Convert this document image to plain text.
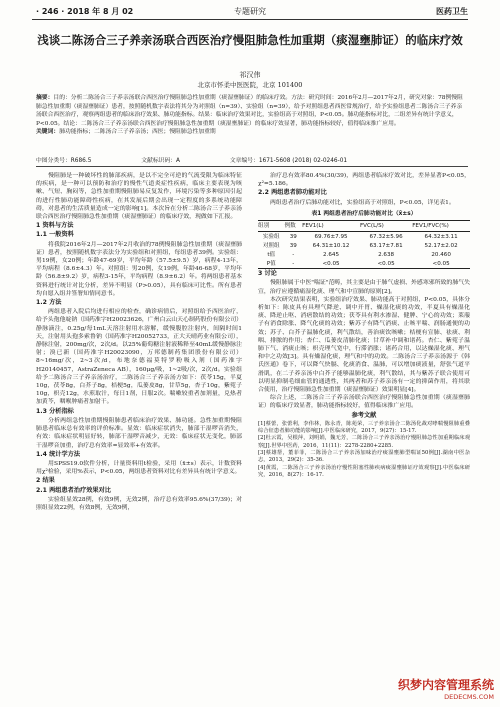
· 246 · 2018 年 8 月 02	专题研究	医药卫生
浅谈二陈汤合三子养亲汤联合西医治疗慢阻肺急性加重期（痰湿壅肺证）的临床疗效
祁汉伟
北京市怀柔中医医院，北京 101400
摘要：目的：分析二陈汤合三子养亲汤联合西医治疗慢阻肺急性加重期（痰湿壅肺证）的临床疗效。方法：研究时间：2016年2月—2017年2月，研究对象：78例慢阻肺急性加重期（痰湿壅肺证）患者，按照随机数字表法将其分为对照组（n=39）、实验组（n=39），给予对照组患者西医常规治疗，给予实验组患者二陈汤合三子养亲汤联合西医治疗，观察两组患者的临床治疗效果、肺功能指标。结果：临床治疗效果对比，实验组高于对照组，P<0.05。肺功能指标对比，二组差异有统计学意义，P<0.05。结论：二陈汤合三子养亲汤联合西医治疗慢阻肺急性加重期（痰湿壅肺证）的临床疗效显著，肺功能指标较好，值得临床推广应用。
关键词：肺功能指标；二陈汤合三子养亲汤；西医；慢阻肺急性加重期
中图分类号：R686.5	文献标识码：A	文章编号：1671-5608 (2018) 02-0246-01

慢阻肺是一种破坏性的肺部疾病，是以不完全可逆的气流受限为临床特征的疾病，是一种可以预防和治疗的慢性气道炎症性疾病，临床主要表现为咳嗽、气短、胸闷等，急性加重期慢阻肺易反复发作，环境污染等多种原因引起的进行性肺功能障碍性疾病，在其发展后期会出现一定程度的多系统功能障碍，对患者的生活质量造成一定的影响[1]。本次旨在分析二陈汤合三子养亲汤联合西医治疗慢阻肺急性加重期（痰湿壅肺证）的临床疗效，现做如下汇报。

1 资料与方法
1.1 一般资料

将我院2016年2月—2017年2月收治的78例慢阻肺急性加重期（痰湿壅肺证）患者，按照随机数字表法分为实验组和对照组，每组患者39例。实验组：男19例，女20例；年龄47-69岁，平均年龄（57.5±9.5）岁，病程4-13年，平均病程（8.6±4.3）年。对照组：男20例，女19例，年龄46-68岁，平均年龄（56.8±9.2）岁，病程3-15年，平均病程（8.9±6.2）年。将两组患者基本资料进行统计对比分析，差异不明显（P>0.05），具有临床可比性。所有患者均自愿入组并签署知情同意书。

1.2 方法

两组患者入院后均进行相应的检查，确诊病情后，对照组给予西医治疗，给予头孢他啶钠（国药准字H20023626，广州白云山天心制药股份有限公司）静脉滴注，0.25g/每1mL天溶注射用水溶解，缓慢腹腔注射内，间隔时间1天，注射用头孢多索鲁钠（国药准字H20052733，正大天晴药业有限公司），静脉注射，200mg/次，2次/d。以25%葡萄糖注射液稀释至40mL缓慢静脉注射；溴已新（国药准字H20023090，万邦德制药集团股份有限公司）8~16mg/次，2~3次/d，布地奈德福莫特罗粉吸入剂（国药准字H20140457，AstraZeneca AB），160μg/吸，1~2吸/次，2次/d。实验组给予二陈汤合三子养亲汤治疗，二陈汤合三子养亲汤方如下：茯苓15g，半夏10g，茯苓8g，白芥子8g，桔梗5g，瓜蒌皮8g，甘草5g，杏子10g，紫菀子10g，枳壳12g，水煎取汁，每日1剂，日服2次。喘嗽较重者加剂量，兑热者加黄芩，咽喉肿痛者加射干。

1.3 分析指标

分析两组急性加重期慢阻肺患者临床治疗效果、肺功能。急性加重期慢阻肺患者临床总有效率的评价标准。显效：临床症状消失，肺部干湿啰音消失，有效：临床症状明显好转，肺部干湿啰音减少，无效：临床症状无变化，肺部干湿啰音加重，治疗总有效率=显效率+有效率。

1.4 统计学方法

用SPSS19.0软件分析，计量资料用t检验，采用（x̄±s）表示，计数资料用χ²检验，采用%表示，P<0.05，两组患者资料对比有差异具有统计学意义。

2 结果
2.1 两组患者治疗效果对比

实验组显效28例，有效9例，无效2例，治疗总有效率95.6%(37/39)；对照组显效22例，有效8例，无效9例，

治疗总有效率80.4%(30/39)，两组患者临床疗效对比，差异显著P<0.05，χ²=5.186。

2.2 两组患者肺功能对比

两组患者治疗后肺功能对比，实验组高于对照组，P<0.05，详见表1。

表1 两组患者治疗后肺功能对比（x̄±s）
组别	例数	FEV1(L)	FVC(L/S)	FEV1/FVC(%)
实验组	39	69.76±7.95	67.32±5.96	64.32±3.11
对照组	39	64.31±10.12	63.17±7.81	52.17±2.02
t值	-	2.645	2.638	20.460
P值	-	<0.05	<0.05	<0.05
3 讨论

慢阻肺属于中医"喘证"范畴，其主要是由于肺气虚损、外感寒邪所致的肺气失宣，治疗应遵循痛湿化痰、理气和中宣肺的原则[2]。

本次研究结果表明，实验组治疗效果、肺功能高于对照组，P<0.05，具体分析如下：陈皮具有具理气降逆、调中开胃、燥湿化痰的功效，半夏具有燥湿化痰、降逆止呕、消痞散结的功效；茯苓具有利水渗湿、健脾、宁心的功效；莱菔子有消食除胀、降气化痰的功效；紫苏子有降气消痰、止咳平喘、润肠通便的功效；苏子、白芥子温肺化痰，利气散结，善治痰饮咳嗽；桔梗有宣肺、祛痰、利咽、排脓的作用；杏仁、瓜蒌皮清肺化痰；甘草补中调和诸药。杏仁、紫菀子温肺下气、消痰止咳；枳壳理气宽中，行滞消胀；诸药合用，以达燥湿化痰、理气和中之功效[3]。具有燥湿化痰，理气和中的功效。二陈汤合三子养亲汤源于《韩氏医通》卷下，可以降气快膈、化痰消食、温肺，可以增加痰液量，舒张气道平滑肌，在二子养亲汤中白芥子能够温肺化痰，利气散结，其与紫苏子联合使用可以明显抑制毛细血管的通透性，其两者和苏子养亲汤有一定的抑菌作用，将其联合使用，治疗慢阻肺急性加重期（痰湿壅肺证）效果明显[4]。

综合上述，二陈汤合三子养亲汤联合西医治疗慢阻肺急性加重期（痰湿壅肺证）的临床疗效显著，肺功能指标较好，值得临床推广应用。

参考文献
[1]蔡蕾，张蕾利，李伟林，陈永青，陈苑荣，三子养亲汤合二陈汤化裁对哮喘慢阻肺重叠综合征患者肺功能的影响[J].中医临床研究，2017，9(27)：15-17.
[2]杜云霞，吴根萍，刘明娟，魏无芳，二陈汤合三子养亲汤治疗慢阻肺急性加重期临床观察[J].世界中医药，2016，11(11)：2278-2280+2285.
[3]蔡雄帮，董菲菲，二陈汤合三子养亲汤加味治疗痰湿壅肺型喘证50例[J].湖南中医杂志，2013，29(2)：35-36.
[4]黄霞，二陈汤合三子养亲汤治疗慢性阻塞性肺疾病痰湿壅肺证疗效观察[J].中医临床研究，2016，8(27)：16-17.
织梦内容管理系统
DEDECMS.COM
